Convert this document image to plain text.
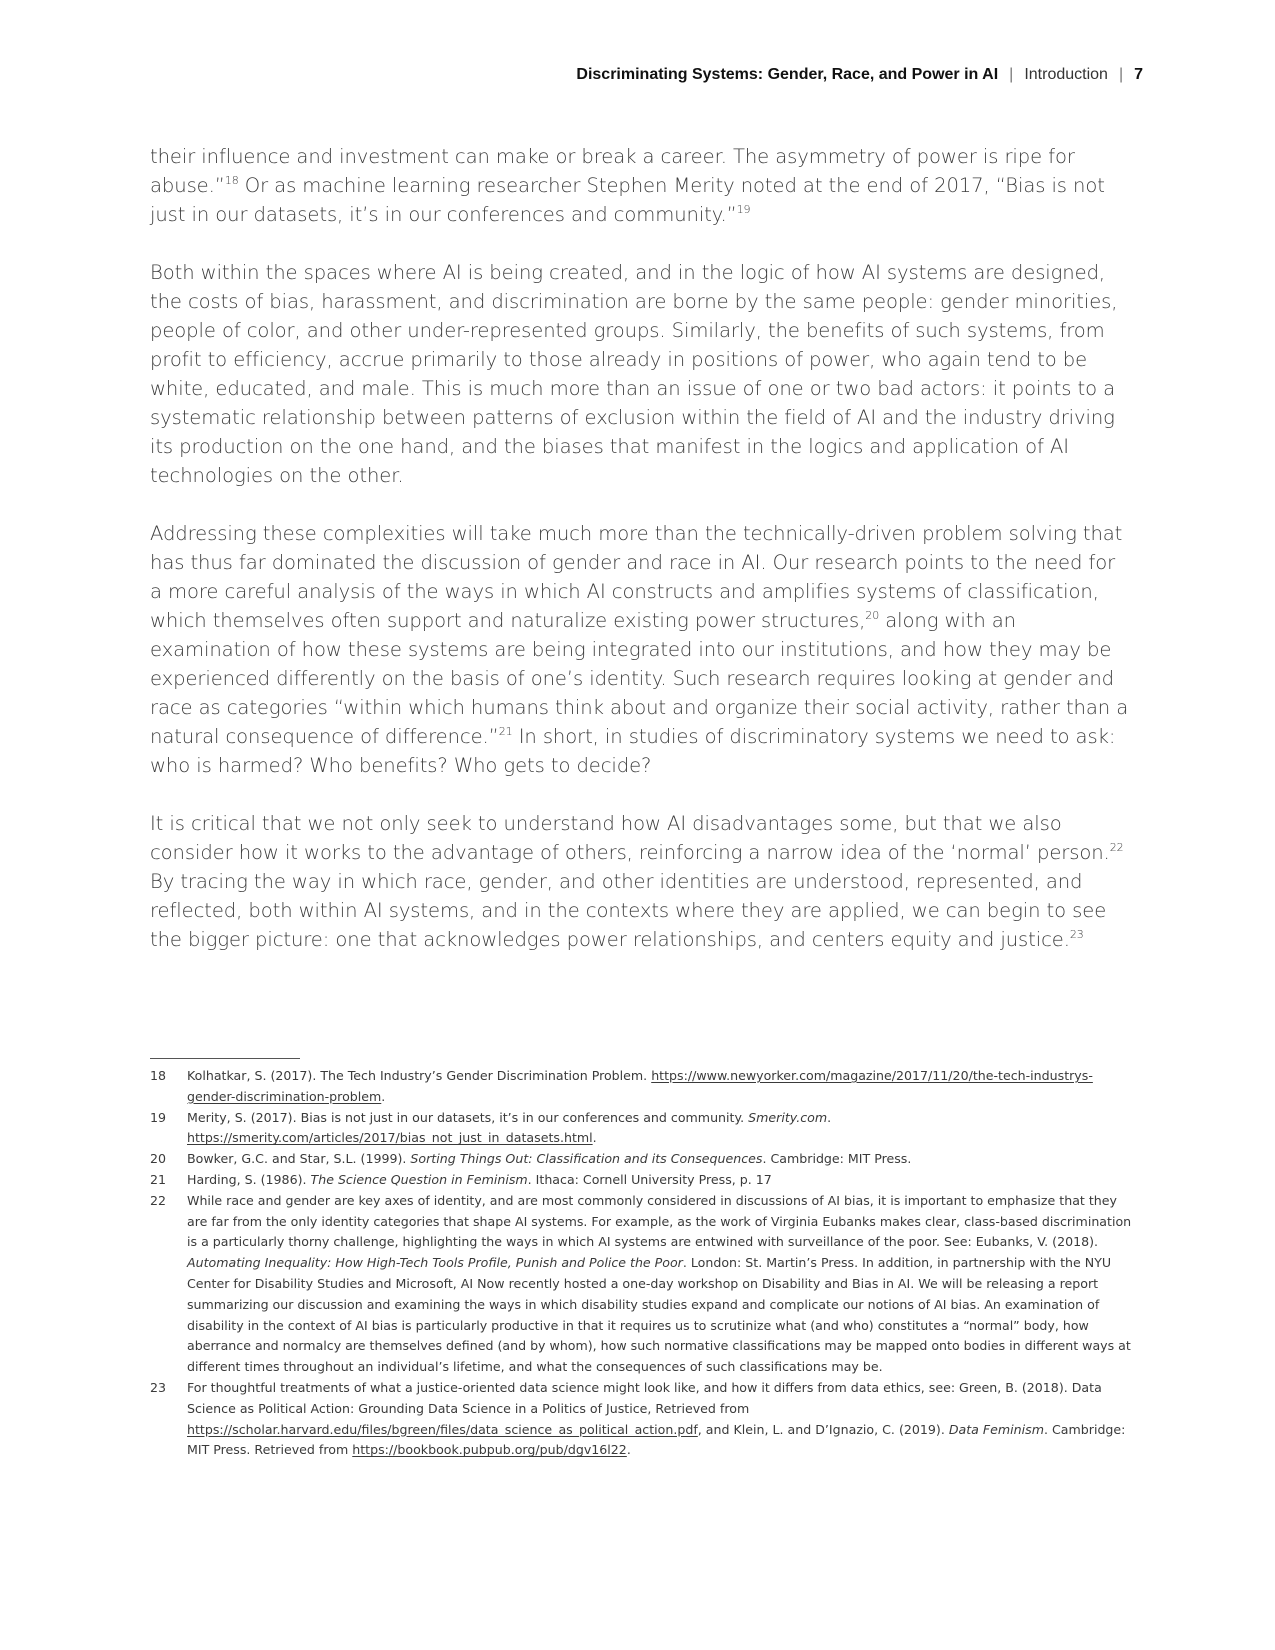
Discriminating Systems: Gender, Race, and Power in AI | Introduction | 7

their influence and investment can make or break a career. The asymmetry of power is ripe for abuse.”$^{18}$ Or as machine learning researcher Stephen Merity noted at the end of 2017, “Bias is not just in our datasets, it’s in our conferences and community.”$^{19}$

Both within the spaces where AI is being created, and in the logic of how AI systems are designed, the costs of bias, harassment, and discrimination are borne by the same people: gender minorities, people of color, and other under-represented groups. Similarly, the benefits of such systems, from profit to efficiency, accrue primarily to those already in positions of power, who again tend to be white, educated, and male. This is much more than an issue of one or two bad actors: it points to a systematic relationship between patterns of exclusion within the field of AI and the industry driving its production on the one hand, and the biases that manifest in the logics and application of AI technologies on the other.

Addressing these complexities will take much more than the technically-driven problem solving that has thus far dominated the discussion of gender and race in AI. Our research points to the need for a more careful analysis of the ways in which AI constructs and amplifies systems of classification, which themselves often support and naturalize existing power structures,$^{20}$ along with an examination of how these systems are being integrated into our institutions, and how they may be experienced differently on the basis of one’s identity. Such research requires looking at gender and race as categories “within which humans think about and organize their social activity, rather than a natural consequence of difference.”$^{21}$ In short, in studies of discriminatory systems we need to ask: who is harmed? Who benefits? Who gets to decide?

It is critical that we not only seek to understand how AI disadvantages some, but that we also consider how it works to the advantage of others, reinforcing a narrow idea of the ‘normal’ person.$^{22}$ By tracing the way in which race, gender, and other identities are understood, represented, and reflected, both within AI systems, and in the contexts where they are applied, we can begin to see the bigger picture: one that acknowledges power relationships, and centers equity and justice.$^{23}$

18 Kolhatkar, S. (2017). The Tech Industry’s Gender Discrimination Problem. https://www.newyorker.com/magazine/2017/11/20/the-tech-industrys-gender-discrimination-problem.
19 Merity, S. (2017). Bias is not just in our datasets, it’s in our conferences and community. Smerity.com. https://smerity.com/articles/2017/bias_not_just_in_datasets.html.
20 Bowker, G.C. and Star, S.L. (1999). Sorting Things Out: Classification and its Consequences. Cambridge: MIT Press.
21 Harding, S. (1986). The Science Question in Feminism. Ithaca: Cornell University Press, p. 17
22 While race and gender are key axes of identity, and are most commonly considered in discussions of AI bias, it is important to emphasize that they are far from the only identity categories that shape AI systems. For example, as the work of Virginia Eubanks makes clear, class-based discrimination is a particularly thorny challenge, highlighting the ways in which AI systems are entwined with surveillance of the poor. See: Eubanks, V. (2018). Automating Inequality: How High-Tech Tools Profile, Punish and Police the Poor. London: St. Martin’s Press. In addition, in partnership with the NYU Center for Disability Studies and Microsoft, AI Now recently hosted a one-day workshop on Disability and Bias in AI. We will be releasing a report summarizing our discussion and examining the ways in which disability studies expand and complicate our notions of AI bias. An examination of disability in the context of AI bias is particularly productive in that it requires us to scrutinize what (and who) constitutes a “normal” body, how aberrance and normalcy are themselves defined (and by whom), how such normative classifications may be mapped onto bodies in different ways at different times throughout an individual’s lifetime, and what the consequences of such classifications may be.
23 For thoughtful treatments of what a justice-oriented data science might look like, and how it differs from data ethics, see: Green, B. (2018). Data Science as Political Action: Grounding Data Science in a Politics of Justice, Retrieved from https://scholar.harvard.edu/files/bgreen/files/data_science_as_political_action.pdf, and Klein, L. and D’Ignazio, C. (2019). Data Feminism. Cambridge: MIT Press. Retrieved from https://bookbook.pubpub.org/pub/dgv16l22.
